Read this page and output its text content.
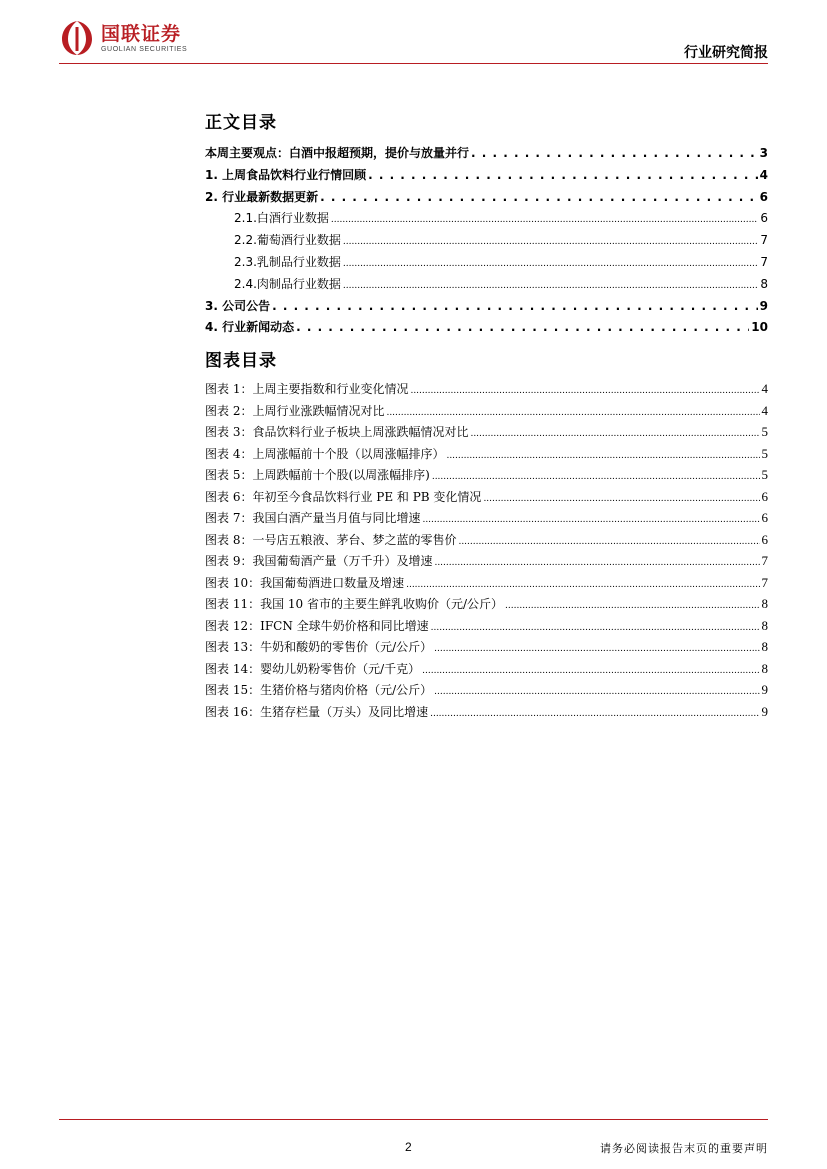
国联证券
GUOLIAN SECURITIES	行业研究简报
正文目录
本周主要观点：白酒中报超预期，提价与放量并行 . . .	3
1. 上周食品饮料行业行情回顾 . . .	4
2. 行业最新数据更新 . . .	6
2.1.白酒行业数据 .....	6
2.2.葡萄酒行业数据 .....	7
2.3.乳制品行业数据 .....	7
2.4.肉制品行业数据 .....	8
3. 公司公告 . . .	9
4. 行业新闻动态 . . .	10
图表目录
图表 1：上周主要指数和行业变化情况 .....	4
图表 2：上周行业涨跌幅情况对比 .....	4
图表 3：食品饮料行业子板块上周涨跌幅情况对比 .....	5
图表 4：上周涨幅前十个股（以周涨幅排序） .....	5
图表 5：上周跌幅前十个股(以周涨幅排序) .....	5
图表 6：年初至今食品饮料行业 PE 和 PB 变化情况 .....	6
图表 7：我国白酒产量当月值与同比增速 .....	6
图表 8：一号店五粮液、茅台、梦之蓝的零售价 .....	6
图表 9：我国葡萄酒产量（万千升）及增速 .....	7
图表 10：我国葡萄酒进口数量及增速 .....	7
图表 11：我国 10 省市的主要生鲜乳收购价（元/公斤） .....	8
图表 12：IFCN 全球牛奶价格和同比增速 .....	8
图表 13：牛奶和酸奶的零售价（元/公斤） .....	8
图表 14：婴幼儿奶粉零售价（元/千克） .....	8
图表 15：生猪价格与猪肉价格（元/公斤） .....	9
图表 16：生猪存栏量（万头）及同比增速 .....	9
2	请务必阅读报告末页的重要声明
